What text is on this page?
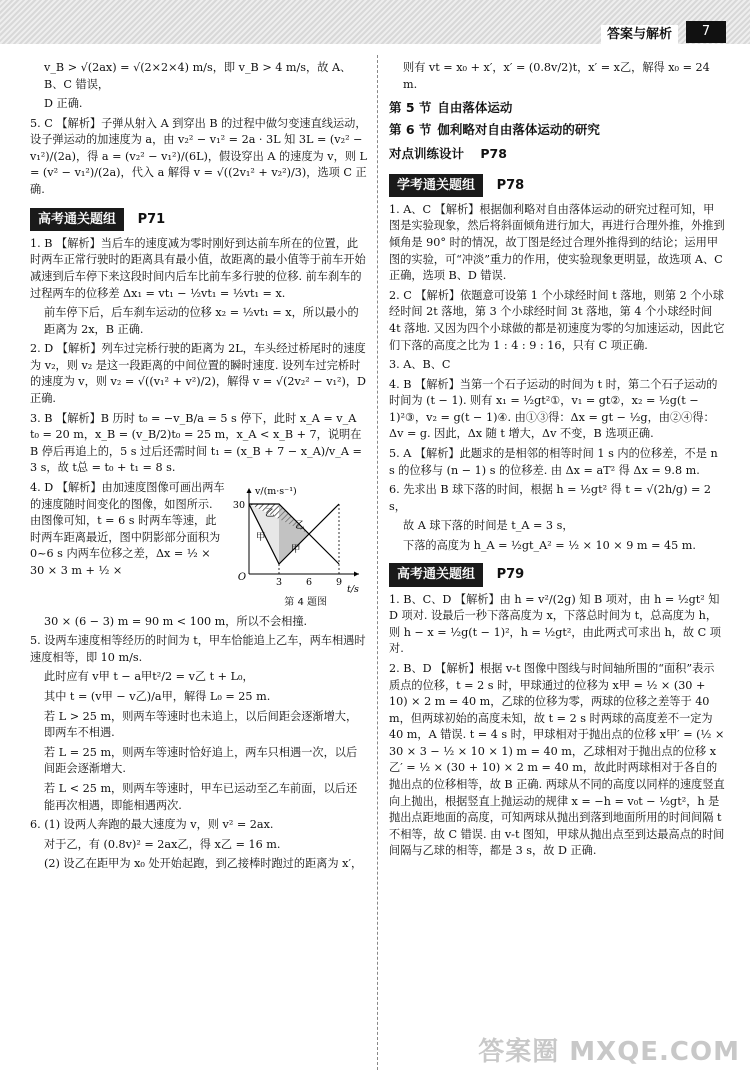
答案与解析	7

v_B > √(2ax) = √(2×2×4) m/s，即 v_B > 4 m/s，故 A、B、C 错误，

D 正确.

5. C 【解析】子弹从射入 A 到穿出 B 的过程中做匀变速直线运动，设子弹运动的加速度为 a，由 v₂² − v₁² = 2a · 3L 知 3L = (v₂² − v₁²)/(2a)，得 a = (v₂² − v₁²)/(6L)，假设穿出 A 的速度为 v，则 L = (v² − v₁²)/(2a)，代入 a 解得 v = √((2v₁² + v₂²)/3)，选项 C 正确.

高考通关题组 P71

1. B 【解析】当后车的速度减为零时刚好到达前车所在的位置，此时两车正常行驶时的距离具有最小值，故距离的最小值等于前车开始减速到后车停下来这段时间内后车比前车多行驶的位移. 前车刹车的过程两车的位移差 Δx₁ = vt₁ − ½vt₁ = ½vt₁ = x.

前车停下后，后车刹车运动的位移 x₂ = ½vt₁ = x，所以最小的距离为 2x，B 正确.

2. D 【解析】列车过完桥行驶的距离为 2L，车头经过桥尾时的速度为 v₂，则 v₂ 是这一段距离的中间位置的瞬时速度. 设列车过完桥时的速度为 v，则 v₂ = √((v₁² + v²)/2)，解得 v = √(2v₂² − v₁²)，D 正确.

3. B 【解析】B 历时 t₀ = −v_B/a = 5 s 停下，此时 x_A = v_A t₀ = 20 m，x_B = (v_B/2)t₀ = 25 m，x_A < x_B + 7，说明在 B 停后再追上的，5 s 过后还需时间 t₁ = (x_B + 7 − x_A)/v_A = 3 s，故 t总 = t₀ + t₁ = 8 s.

4. D 【解析】由加速度图像可画出两车的速度随时间变化的图像，如图所示. 由图像可知，t = 6 s 时两车等速，此时两车距离最近，图中阴影部分面积为 0~6 s 内两车位移之差，Δx = ½ × 30 × 3 m + ½ ×

O
30
3	6	9
t/s
v/(m·s⁻¹)
乙
乙
甲
甲

第 4 题图

30 × (6 − 3) m = 90 m < 100 m，所以不会相撞.

5. 设两车速度相等经历的时间为 t，甲车恰能追上乙车，两车相遇时速度相等，即 10 m/s.

此时应有 v甲 t − a甲t²/2 = v乙 t + L₀，

其中 t = (v甲 − v乙)/a甲，解得 L₀ = 25 m.

若 L > 25 m，则两车等速时也未追上，以后间距会逐渐增大，即两车不相遇.

若 L = 25 m，则两车等速时恰好追上，两车只相遇一次，以后间距会逐渐增大.

若 L < 25 m，则两车等速时，甲车已运动至乙车前面，以后还能再次相遇，即能相遇两次.

6. (1) 设两人奔跑的最大速度为 v，则 v² = 2ax.

对于乙，有 (0.8v)² = 2ax乙，得 x乙 = 16 m.

(2) 设乙在距甲为 x₀ 处开始起跑，到乙接棒时跑过的距离为 x′，

则有 vt = x₀ + x′，x′ = (0.8v/2)t，x′ = x乙，解得 x₀ = 24 m.

第 5 节 自由落体运动
第 6 节 伽利略对自由落体运动的研究
对点训练设计 P78
学考通关题组 P78

1. A、C 【解析】根据伽利略对自由落体运动的研究过程可知，甲图是实验现象，然后将斜面倾角进行加大，再进行合理外推，外推到倾角是 90° 时的情况，故丁图是经过合理外推得到的结论；运用甲图的实验，可“冲淡”重力的作用，使实验现象更明显，故选项 A、C 正确，选项 B、D 错误.

2. C 【解析】依题意可设第 1 个小球经时间 t 落地，则第 2 个小球经时间 2t 落地，第 3 个小球经时间 3t 落地，第 4 个小球经时间 4t 落地. 又因为四个小球做的都是初速度为零的匀加速运动，因此它们下落的高度之比为 1 : 4 : 9 : 16，只有 C 项正确.

3. A、B、C

4. B 【解析】当第一个石子运动的时间为 t 时，第二个石子运动的时间为 (t − 1). 则有 x₁ = ½gt²①，v₁ = gt②，x₂ = ½g(t − 1)²③，v₂ = g(t − 1)④. 由①③得：Δx = gt − ½g，由②④得：Δv = g. 因此，Δx 随 t 增大，Δv 不变，B 选项正确.

5. A 【解析】此题求的是相邻的相等时间 1 s 内的位移差，不是 n s 的位移与 (n − 1) s 的位移差. 由 Δx = aT² 得 Δx = 9.8 m.

6. 先求出 B 球下落的时间，根据 h = ½gt² 得 t = √(2h/g) = 2 s，

故 A 球下落的时间是 t_A = 3 s，

下落的高度为 h_A = ½gt_A² = ½ × 10 × 9 m = 45 m.

高考通关题组 P79

1. B、C、D 【解析】由 h = v²/(2g) 知 B 项对，由 h = ½gt² 知 D 项对. 设最后一秒下落高度为 x，下落总时间为 t，总高度为 h，则 h − x = ½g(t − 1)²，h = ½gt²，由此两式可求出 h，故 C 项对.

2. B、D 【解析】根据 v-t 图像中图线与时间轴所围的“面积”表示质点的位移，t = 2 s 时，甲球通过的位移为 x甲 = ½ × (30 + 10) × 2 m = 40 m，乙球的位移为零，两球的位移之差等于 40 m，但两球初始的高度未知，故 t = 2 s 时两球的高度差不一定为 40 m，A 错误. t = 4 s 时，甲球相对于抛出点的位移 x甲′ = (½ × 30 × 3 − ½ × 10 × 1) m = 40 m，乙球相对于抛出点的位移 x乙′ = ½ × (30 + 10) × 2 m = 40 m，故此时两球相对于各自的抛出点的位移相等，故 B 正确. 两球从不同的高度以同样的速度竖直向上抛出，根据竖直上抛运动的规律 x = −h = v₀t − ½gt²，h 是抛出点距地面的高度，可知两球从抛出到落到地面所用的时间间隔 t 不相等，故 C 错误. 由 v-t 图知，甲球从抛出点至到达最高点的时间间隔与乙球的相等，都是 3 s，故 D 正确.

答案圈 MXQE.COM
